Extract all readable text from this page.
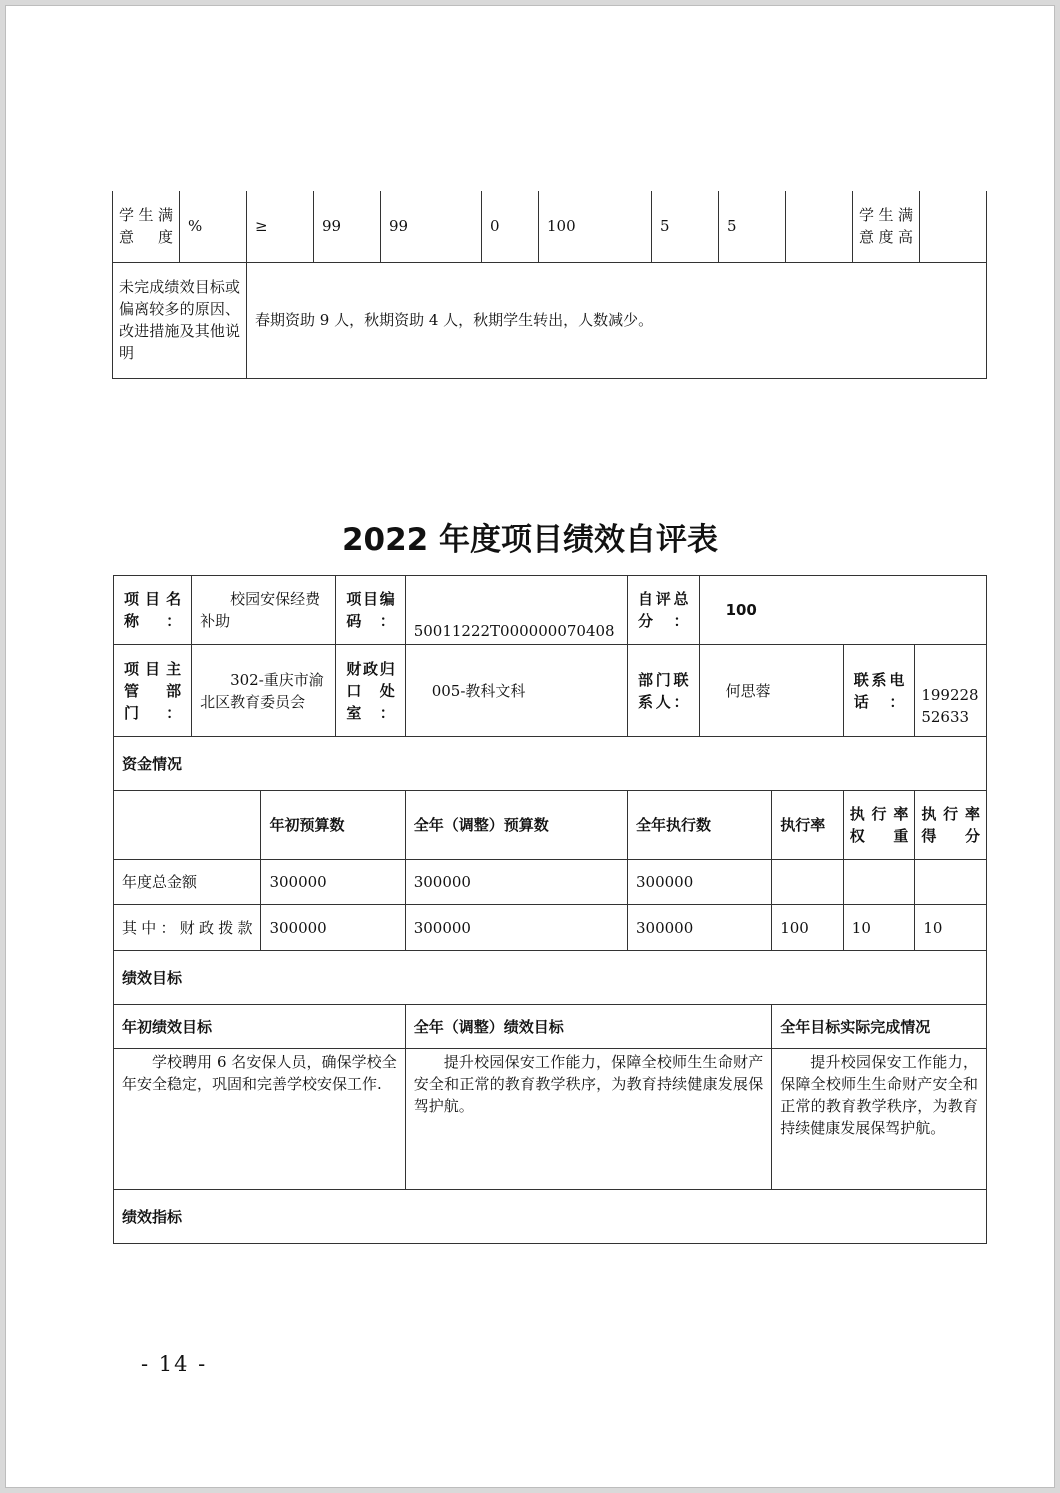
学生满意度	%	≥	99	99	0	100	5	5		学生满意度高	
未完成绩效目标或偏离较多的原因、改进措施及其他说明		春期资助 9 人，秋期资助 4 人，秋期学生转出，人数减少。									
2022 年度项目绩效自评表
项目名称：	校园安保经费补助		项目编码：	50011222T000000070408	自评总分：	100			
项目主管部门：	302-重庆市渝北区教育委员会		财政归口处室：	005-教科文科	部门联系人：	何思蓉		联系电话：	19922852633
资金情况									
		年初预算数		全年（调整）预算数	全年执行数		执行率	执行率权重	执行率得分
年度总金额		300000		300000	300000				
其中：财政拨款		300000		300000	300000		100	10	10
绩效目标									
年初绩效目标				全年（调整）绩效目标			全年目标实际完成情况		
学校聘用 6 名安保人员，确保学校全年安全稳定，巩固和完善学校安保工作.				提升校园保安工作能力，保障全校师生生命财产安全和正常的教育教学秩序，为教育持续健康发展保驾护航。			提升校园保安工作能力，保障全校师生生命财产安全和正常的教育教学秩序，为教育持续健康发展保驾护航。		
绩效指标									
- 14 -
